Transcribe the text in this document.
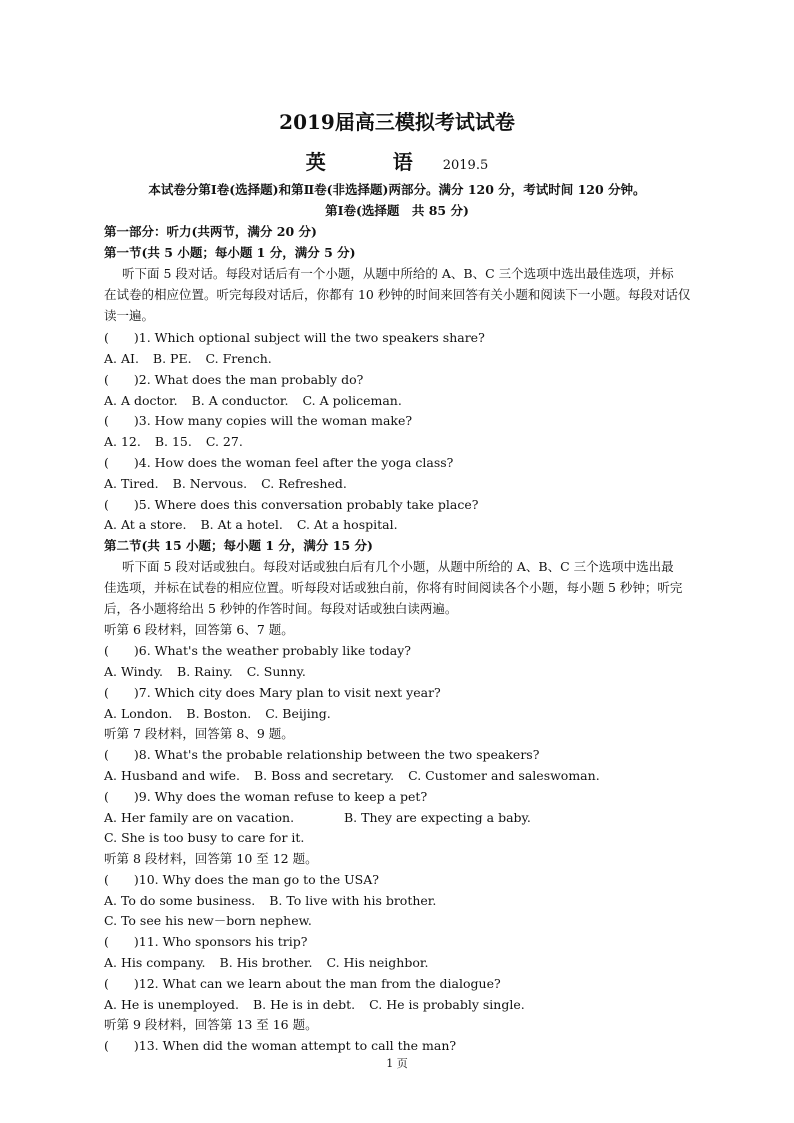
2019届高三模拟考试试卷
英 语2019.5
本试卷分第Ⅰ卷(选择题)和第Ⅱ卷(非选择题)两部分。满分 120 分，考试时间 120 分钟。
第Ⅰ卷(选择题　共 85 分)
第一部分：听力(共两节，满分 20 分)
第一节(共 5 小题；每小题 1 分，满分 5 分)
听下面 5 段对话。每段对话后有一个小题，从题中所给的 A、B、C 三个选项中选出最佳选项，并标
在试卷的相应位置。听完每段对话后，你都有 10 秒钟的时间来回答有关小题和阅读下一小题。每段对话仅
读一遍。
(　　)1. Which optional subject will the two speakers share?
A. AI. B. PE. C. French.
(　　)2. What does the man probably do?
A. A doctor. B. A conductor. C. A policeman.
(　　)3. How many copies will the woman make?
A. 12. B. 15. C. 27.
(　　)4. How does the woman feel after the yoga class?
A. Tired. B. Nervous. C. Refreshed.
(　　)5. Where does this conversation probably take place?
A. At a store. B. At a hotel. C. At a hospital.
第二节(共 15 小题；每小题 1 分，满分 15 分)
听下面 5 段对话或独白。每段对话或独白后有几个小题，从题中所给的 A、B、C 三个选项中选出最
佳选项，并标在试卷的相应位置。听每段对话或独白前，你将有时间阅读各个小题，每小题 5 秒钟；听完
后，各小题将给出 5 秒钟的作答时间。每段对话或独白读两遍。
听第 6 段材料，回答第 6、7 题。
(　　)6. What's the weather probably like today?
A. Windy. B. Rainy. C. Sunny.
(　　)7. Which city does Mary plan to visit next year?
A. London. B. Boston. C. Beijing.
听第 7 段材料，回答第 8、9 题。
(　　)8. What's the probable relationship between the two speakers?
A. Husband and wife. B. Boss and secretary. C. Customer and saleswoman.
(　　)9. Why does the woman refuse to keep a pet?
A. Her family are on vacation.	B. They are expecting a baby.
C. She is too busy to care for it.
听第 8 段材料，回答第 10 至 12 题。
(　　)10. Why does the man go to the USA?
A. To do some business. B. To live with his brother.
C. To see his new－born nephew.
(　　)11. Who sponsors his trip?
A. His company. B. His brother. C. His neighbor.
(　　)12. What can we learn about the man from the dialogue?
A. He is unemployed. B. He is in debt. C. He is probably single.
听第 9 段材料，回答第 13 至 16 题。
(　　)13. When did the woman attempt to call the man?
1 页
